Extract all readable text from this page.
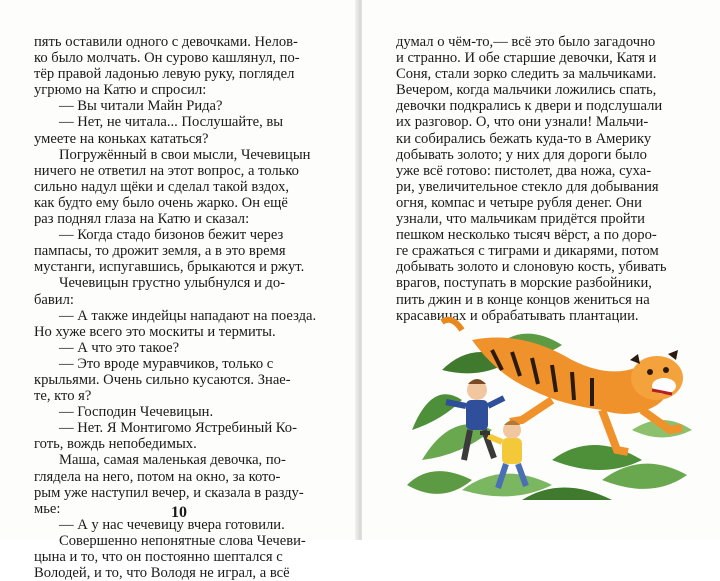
пять оставили одного с девочками. Нелов-

ко было молчать. Он сурово кашлянул, по-

тёр правой ладонью левую руку, поглядел

угрюмо на Катю и спросил:

— Вы читали Майн Рида?

— Нет, не читала... Послушайте, вы

умеете на коньках кататься?

Погружённый в свои мысли, Чечевицын

ничего не ответил на этот вопрос, а только

сильно надул щёки и сделал такой вздох,

как будто ему было очень жарко. Он ещё

раз поднял глаза на Катю и сказал:

— Когда стадо бизонов бежит через

пампасы, то дрожит земля, а в это время

мустанги, испугавшись, брыкаются и ржут.

Чечевицын грустно улыбнулся и до-

бавил:

— А также индейцы нападают на поезда.

Но хуже всего это москиты и термиты.

— А что это такое?

— Это вроде муравчиков, только с

крыльями. Очень сильно кусаются. Знае-

те, кто я?

— Господин Чечевицын.

— Нет. Я Монтигомо Ястребиный Ко-

готь, вождь непобедимых.

Маша, самая маленькая девочка, по-

глядела на него, потом на окно, за кото-

рым уже наступил вечер, и сказала в разду-

мье:

— А у нас чечевицу вчера готовили.

Совершенно непонятные слова Чечеви-

цына и то, что он постоянно шептался с

Володей, и то, что Володя не играл, а всё

10

думал о чём-то,— всё это было загадочно

и странно. И обе старшие девочки, Катя и

Соня, стали зорко следить за мальчиками.

Вечером, когда мальчики ложились спать,

девочки подкрались к двери и подслушали

их разговор. О, что они узнали! Мальчи-

ки собирались бежать куда-то в Америку

добывать золото; у них для дороги было

уже всё готово: пистолет, два ножа, суха-

ри, увеличительное стекло для добывания

огня, компас и четыре рубля денег. Они

узнали, что мальчикам придётся пройти

пешком несколько тысяч вёрст, а по доро-

ге сражаться с тиграми и дикарями, потом

добывать золото и слоновую кость, убивать

врагов, поступать в морские разбойники,

пить джин и в конце концов жениться на

красавицах и обрабатывать плантации.
